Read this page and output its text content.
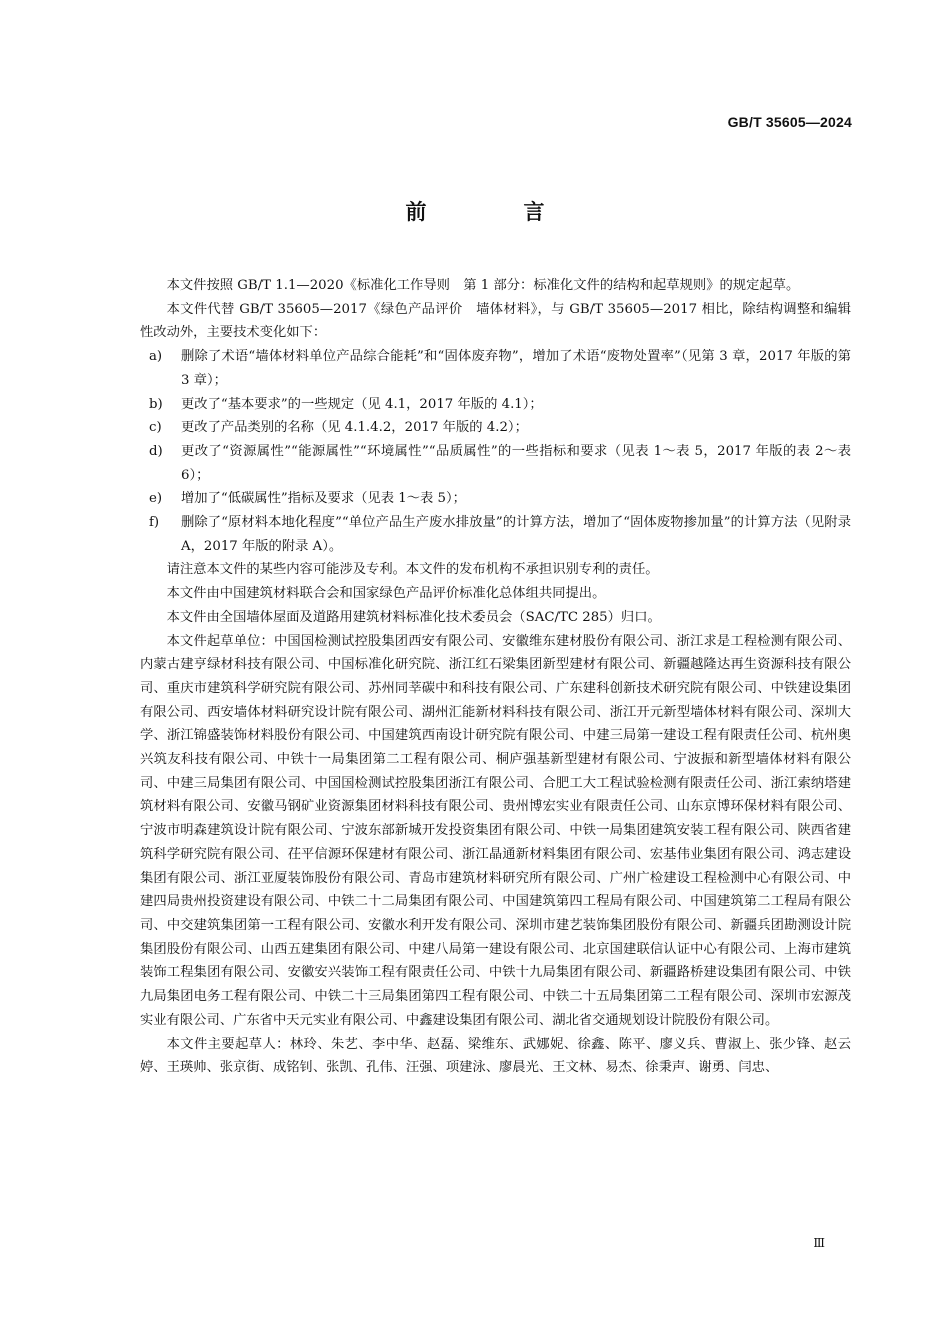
GB/T 35605—2024
前　言

本文件按照 GB/T 1.1—2020《标准化工作导则　第 1 部分：标准化文件的结构和起草规则》的规定起草。

本文件代替 GB/T 35605—2017《绿色产品评价　墙体材料》，与 GB/T 35605—2017 相比，除结构调整和编辑性改动外，主要技术变化如下：

a) 删除了术语“墙体材料单位产品综合能耗”和“固体废弃物”，增加了术语“废物处置率”（见第 3 章，2017 年版的第 3 章）；

b) 更改了“基本要求”的一些规定（见 4.1，2017 年版的 4.1）；

c) 更改了产品类别的名称（见 4.1.4.2，2017 年版的 4.2）；

d) 更改了“资源属性”“能源属性”“环境属性”“品质属性”的一些指标和要求（见表 1～表 5，2017 年版的表 2～表 6）；

e) 增加了“低碳属性”指标及要求（见表 1～表 5）；

f) 删除了“原材料本地化程度”“单位产品生产废水排放量”的计算方法，增加了“固体废物掺加量”的计算方法（见附录 A，2017 年版的附录 A）。

请注意本文件的某些内容可能涉及专利。本文件的发布机构不承担识别专利的责任。

本文件由中国建筑材料联合会和国家绿色产品评价标准化总体组共同提出。

本文件由全国墙体屋面及道路用建筑材料标准化技术委员会（SAC/TC 285）归口。

本文件起草单位：中国国检测试控股集团西安有限公司、安徽维东建材股份有限公司、浙江求是工程检测有限公司、内蒙古建亨绿材科技有限公司、中国标准化研究院、浙江红石梁集团新型建材有限公司、新疆越隆达再生资源科技有限公司、重庆市建筑科学研究院有限公司、苏州同莘碳中和科技有限公司、广东建科创新技术研究院有限公司、中铁建设集团有限公司、西安墙体材料研究设计院有限公司、湖州汇能新材料科技有限公司、浙江开元新型墙体材料有限公司、深圳大学、浙江锦盛装饰材料股份有限公司、中国建筑西南设计研究院有限公司、中建三局第一建设工程有限责任公司、杭州奥兴筑友科技有限公司、中铁十一局集团第二工程有限公司、桐庐强基新型建材有限公司、宁波振和新型墙体材料有限公司、中建三局集团有限公司、中国国检测试控股集团浙江有限公司、合肥工大工程试验检测有限责任公司、浙江索纳塔建筑材料有限公司、安徽马钢矿业资源集团材料科技有限公司、贵州博宏实业有限责任公司、山东京博环保材料有限公司、宁波市明森建筑设计院有限公司、宁波东部新城开发投资集团有限公司、中铁一局集团建筑安装工程有限公司、陕西省建筑科学研究院有限公司、茌平信源环保建材有限公司、浙江晶通新材料集团有限公司、宏基伟业集团有限公司、鸿志建设集团有限公司、浙江亚厦装饰股份有限公司、青岛市建筑材料研究所有限公司、广州广检建设工程检测中心有限公司、中建四局贵州投资建设有限公司、中铁二十二局集团有限公司、中国建筑第四工程局有限公司、中国建筑第二工程局有限公司、中交建筑集团第一工程有限公司、安徽水利开发有限公司、深圳市建艺装饰集团股份有限公司、新疆兵团勘测设计院集团股份有限公司、山西五建集团有限公司、中建八局第一建设有限公司、北京国建联信认证中心有限公司、上海市建筑装饰工程集团有限公司、安徽安兴装饰工程有限责任公司、中铁十九局集团有限公司、新疆路桥建设集团有限公司、中铁九局集团电务工程有限公司、中铁二十三局集团第四工程有限公司、中铁二十五局集团第二工程有限公司、深圳市宏源茂实业有限公司、广东省中天元实业有限公司、中鑫建设集团有限公司、湖北省交通规划设计院股份有限公司。

本文件主要起草人：林玲、朱艺、李中华、赵磊、梁维东、武娜妮、徐鑫、陈平、廖义兵、曹淑上、张少锋、赵云婷、王瑛帅、张京街、成铭钊、张凯、孔伟、汪强、项建泳、廖晨光、王文林、易杰、徐秉声、谢勇、闫忠、

Ⅲ
